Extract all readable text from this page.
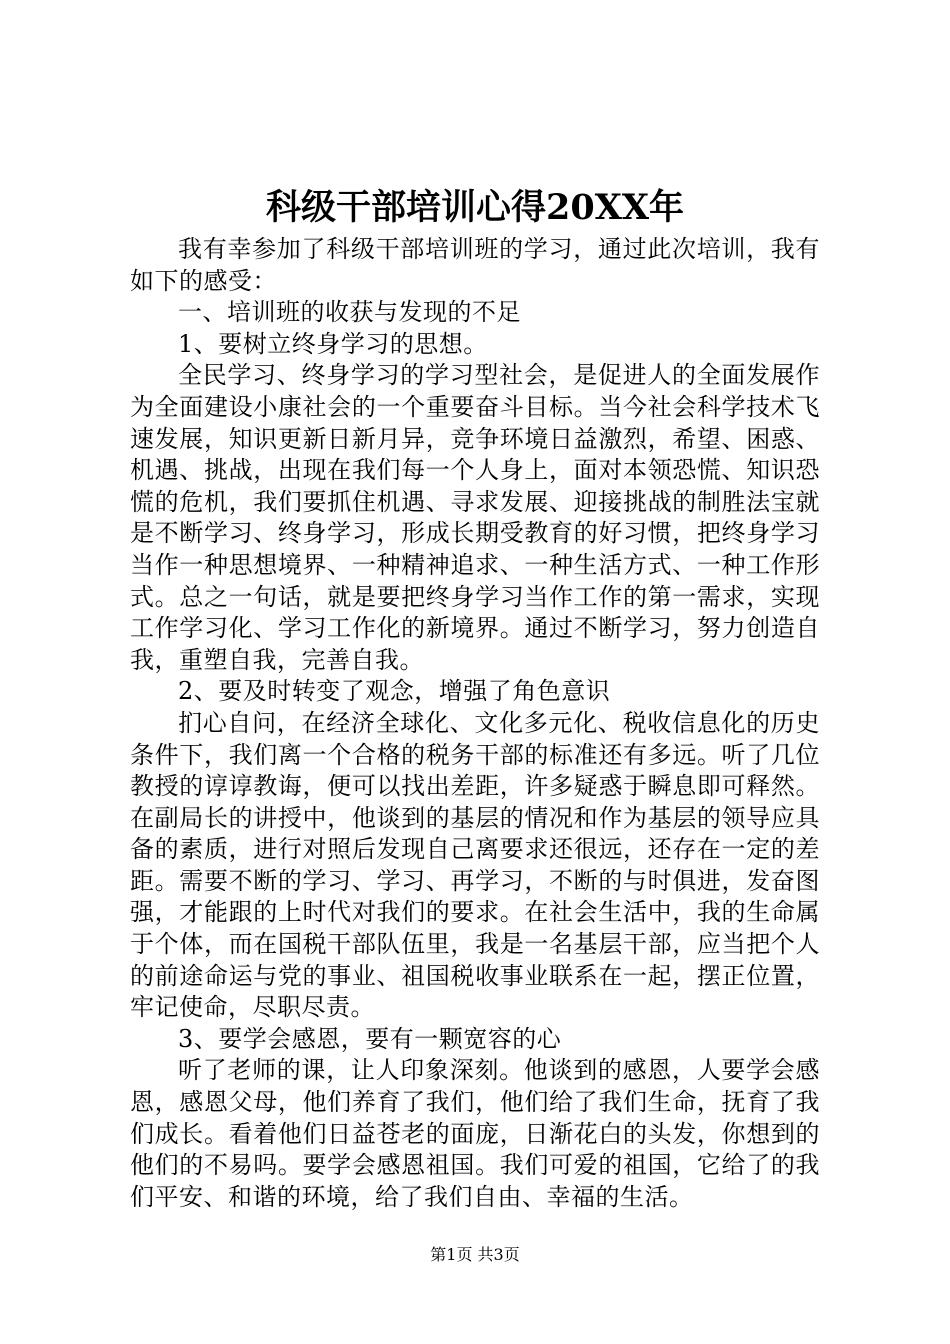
科级干部培训心得20XX年

我有幸参加了科级干部培训班的学习，通过此次培训，我有如下的感受：

一、培训班的收获与发现的不足

1、要树立终身学习的思想。

全民学习、终身学习的学习型社会，是促进人的全面发展作为全面建设小康社会的一个重要奋斗目标。当今社会科学技术飞速发展，知识更新日新月异，竞争环境日益激烈，希望、困惑、机遇、挑战，出现在我们每一个人身上，面对本领恐慌、知识恐慌的危机，我们要抓住机遇、寻求发展、迎接挑战的制胜法宝就是不断学习、终身学习，形成长期受教育的好习惯，把终身学习当作一种思想境界、一种精神追求、一种生活方式、一种工作形式。总之一句话，就是要把终身学习当作工作的第一需求，实现工作学习化、学习工作化的新境界。通过不断学习，努力创造自我，重塑自我，完善自我。

2、要及时转变了观念，增强了角色意识

扪心自问，在经济全球化、文化多元化、税收信息化的历史条件下，我们离一个合格的税务干部的标准还有多远。听了几位教授的谆谆教诲，便可以找出差距，许多疑惑于瞬息即可释然。在副局长的讲授中，他谈到的基层的情况和作为基层的领导应具备的素质，进行对照后发现自己离要求还很远，还存在一定的差距。需要不断的学习、学习、再学习，不断的与时俱进，发奋图强，才能跟的上时代对我们的要求。在社会生活中，我的生命属于个体，而在国税干部队伍里，我是一名基层干部，应当把个人的前途命运与党的事业、祖国税收事业联系在一起，摆正位置，牢记使命，尽职尽责。

3、要学会感恩，要有一颗宽容的心

听了老师的课，让人印象深刻。他谈到的感恩，人要学会感恩，感恩父母，他们养育了我们，他们给了我们生命，抚育了我们成长。看着他们日益苍老的面庞，日渐花白的头发，你想到的他们的不易吗。要学会感恩祖国。我们可爱的祖国，它给了的我们平安、和谐的环境，给了我们自由、幸福的生活。

第1页 共3页
